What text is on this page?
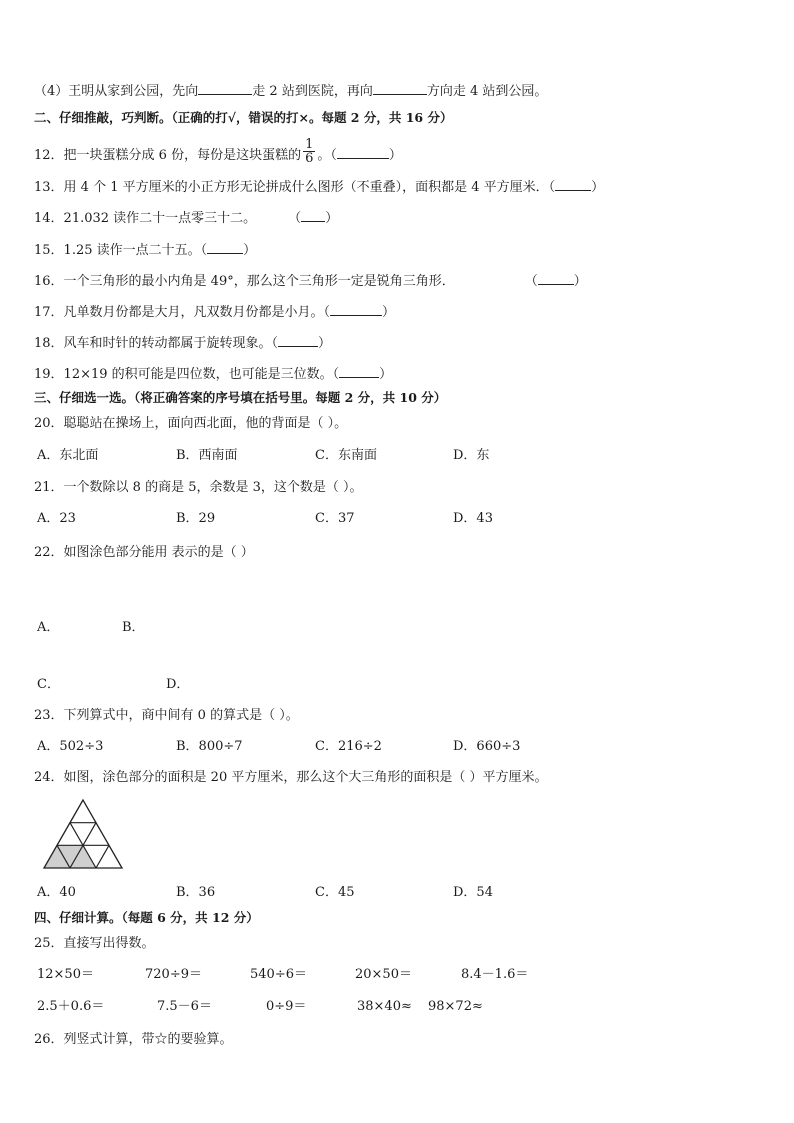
（4）王明从家到公园，先向	走 2 站到医院，再向	方向走 4 站到公园。
二、仔细推敲，巧判断。（正确的打√，错误的打×。每题 2 分，共 16 分）
12．把一块蛋糕分成 6 份，每份是这块蛋糕的 $\frac{1}{6}$ 。（	）
13．用 4 个 1 平方厘米的小正方形无论拼成什么图形（不重叠），面积都是 4 平方厘米．（	）
14．21.032 读作二十一点零三十二。 （ ）
15．1.25 读作一点二十五。（	）
16．一个三角形的最小内角是 49°，那么这个三角形一定是锐角三角形．	（	）
17．凡单数月份都是大月，凡双数月份都是小月。（	）
18．风车和时针的转动都属于旋转现象。（	）
19．12×19 的积可能是四位数，也可能是三位数。（	）
三、仔细选一选。（将正确答案的序号填在括号里。每题 2 分，共 10 分）
20．聪聪站在操场上，面向西北面，他的背面是（ ）。
A．东北面	B．西南面	C．东南面	D．东
21．一个数除以 8 的商是 5，余数是 3，这个数是（ ）。
A．23	B．29	C．37	D．43
22．如图涂色部分能用 表示的是（ ）
A．	B．
C．	D．
23．下列算式中，商中间有 0 的算式是（ ）。
A．502÷3	B．800÷7	C．216÷2	D．660÷3
24．如图，涂色部分的面积是 20 平方厘米，那么这个大三角形的面积是（ ）平方厘米。
A．40	B．36	C．45	D．54
四、仔细计算。（每题 6 分，共 12 分）
25．直接写出得数。
12×50＝	720÷9＝	540÷6＝	20×50＝	8.4－1.6＝
2.5＋0.6＝	7.5－6＝	0÷9＝	38×40≈ 98×72≈
26．列竖式计算，带☆的要验算。
